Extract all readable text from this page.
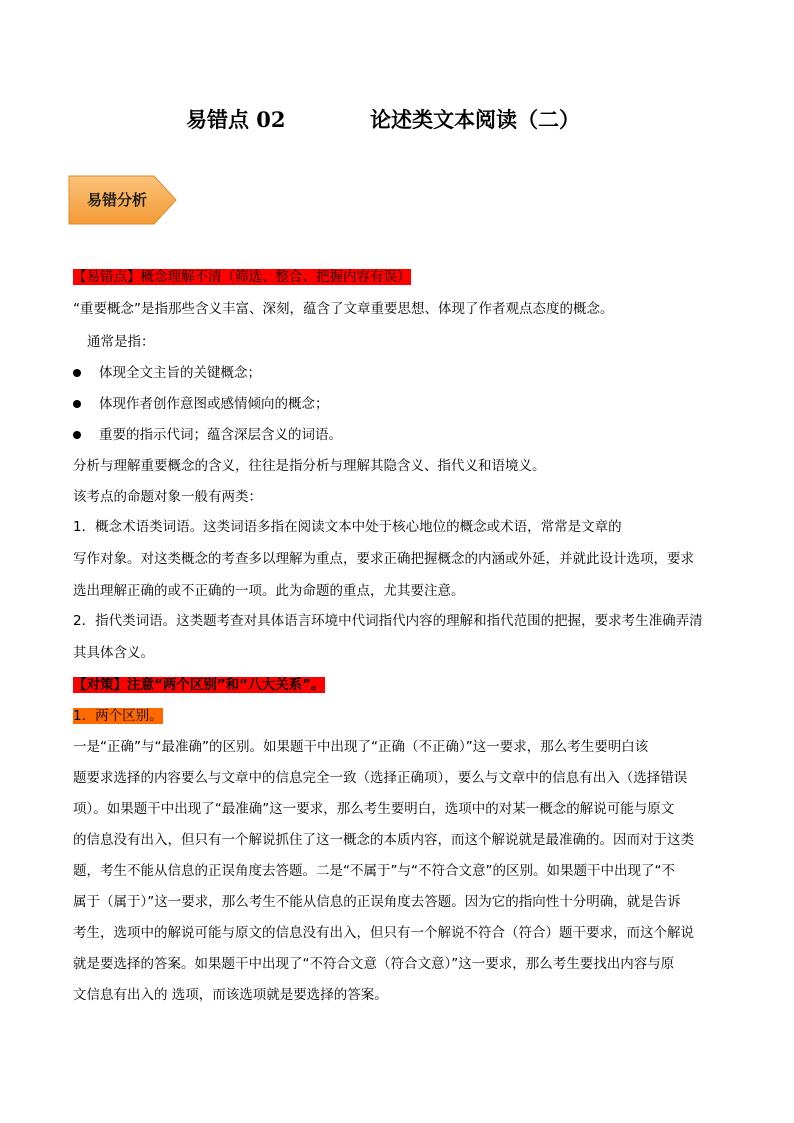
易错点 02	论述类文本阅读（二）
易错分析
【易错点】概念理解不清（筛选、整合、把握内容有误）
“重要概念”是指那些含义丰富、深刻，蕴含了文章重要思想、体现了作者观点态度的概念。
通常是指：
体现全文主旨的关键概念；
体现作者创作意图或感情倾向的概念；
重要的指示代词；蕴含深层含义的词语。
分析与理解重要概念的含义，往往是指分析与理解其隐含义、指代义和语境义。
该考点的命题对象一般有两类：
1．概念术语类词语。这类词语多指在阅读文本中处于核心地位的概念或术语，常常是文章的
写作对象。对这类概念的考查多以理解为重点，要求正确把握概念的内涵或外延，并就此设计选项，要求
选出理解正确的或不正确的一项。此为命题的重点，尤其要注意。
2．指代类词语。这类题考查对具体语言环境中代词指代内容的理解和指代范围的把握，要求考生准确弄清
其具体含义。
【对策】注意“两个区别”和“八大关系”。
1．两个区别。
一是“正确”与“最准确”的区别。如果题干中出现了“正确（不正确）”这一要求，那么考生要明白该
题要求选择的内容要么与文章中的信息完全一致（选择正确项），要么与文章中的信息有出入（选择错误
项）。如果题干中出现了“最准确”这一要求，那么考生要明白，选项中的对某一概念的解说可能与原文
的信息没有出入，但只有一个解说抓住了这一概念的本质内容，而这个解说就是最准确的。因而对于这类
题，考生不能从信息的正误角度去答题。二是“不属于”与“不符合文意”的区别。如果题干中出现了“不
属于（属于）”这一要求，那么考生不能从信息的正误角度去答题。因为它的指向性十分明确，就是告诉
考生，选项中的解说可能与原文的信息没有出入，但只有一个解说不符合（符合）题干要求，而这个解说
就是要选择的答案。如果题干中出现了“不符合文意（符合文意）”这一要求，那么考生要找出内容与原
文信息有出入的 选项，而该选项就是要选择的答案。
